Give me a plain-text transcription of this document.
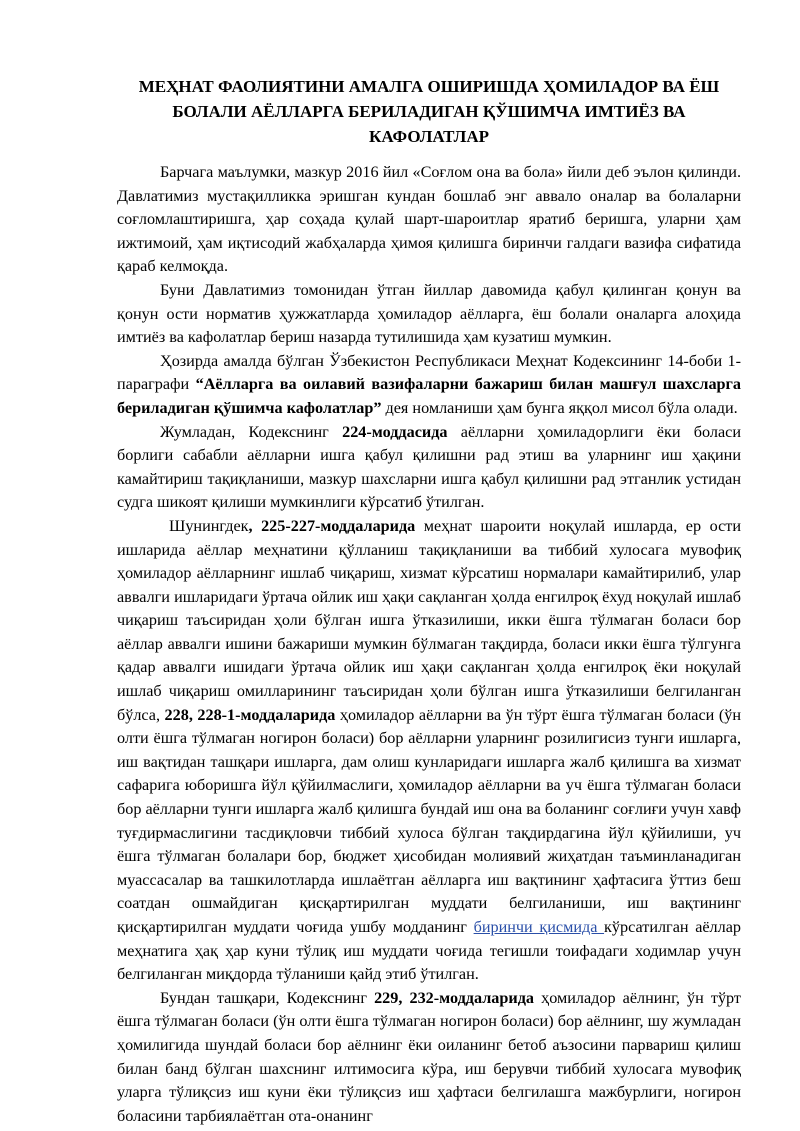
МЕҲНАТ ФАОЛИЯТИНИ АМАЛГА ОШИРИШДА ҲОМИЛАДОР ВА ЁШ
БОЛАЛИ АЁЛЛАРГА БЕРИЛАДИГАН ҚЎШИМЧА ИМТИЁЗ ВА
КАФОЛАТЛАР

Барчага маълумки, мазкур 2016 йил «Соғлом она ва бола» йили деб эълон қилинди. Давлатимиз мустақилликка эришган кундан бошлаб энг аввало оналар ва болаларни соғломлаштиришга, ҳар соҳада қулай шарт-шароитлар яратиб беришга, уларни ҳам ижтимоий, ҳам иқтисодий жабҳаларда ҳимоя қилишга биринчи галдаги вазифа сифатида қараб келмоқда.

Буни Давлатимиз томонидан ўтган йиллар давомида қабул қилинган қонун ва қонун ости норматив ҳужжатларда ҳомиладор аёлларга, ёш болали оналарга алоҳида имтиёз ва кафолатлар бериш назарда тутилишида ҳам кузатиш мумкин.

Ҳозирда амалда бўлган Ўзбекистон Республикаси Меҳнат Кодексининг 14-боби 1-параграфи “Аёлларга ва оилавий вазифаларни бажариш билан машғул шахсларга бериладиган қўшимча кафолатлар” дея номланиши ҳам бунга яққол мисол бўла олади.

Жумладан, Кодекснинг 224-моддасида аёлларни ҳомиладорлиги ёки боласи борлиги сабабли аёлларни ишга қабул қилишни рад этиш ва уларнинг иш ҳақини камайтириш тақиқланиши, мазкур шахсларни ишга қабул қилишни рад этганлик устидан судга шикоят қилиши мумкинлиги кўрсатиб ўтилган.

Шунингдек, 225-227-моддаларида меҳнат шароити ноқулай ишларда, ер ости ишларида аёллар меҳнатини қўлланиш тақиқланиши ва тиббий хулосага мувофиқ ҳомиладор аёлларнинг ишлаб чиқариш, хизмат кўрсатиш нормалари камайтирилиб, улар аввалги ишларидаги ўртача ойлик иш ҳақи сақланган ҳолда енгилроқ ёхуд ноқулай ишлаб чиқариш таъсиридан ҳоли бўлган ишга ўтказилиши, икки ёшга тўлмаган боласи бор аёллар аввалги ишини бажариши мумкин бўлмаган тақдирда, боласи икки ёшга тўлгунга қадар аввалги ишидаги ўртача ойлик иш ҳақи сақланган ҳолда енгилроқ ёки ноқулай ишлаб чиқариш омилларининг таъсиридан ҳоли бўлган ишга ўтказилиши белгиланган бўлса, 228, 228-1-моддаларида ҳомиладор аёлларни ва ўн тўрт ёшга тўлмаган боласи (ўн олти ёшга тўлмаган ногирон боласи) бор аёлларни уларнинг розилигисиз тунги ишларга, иш вақтидан ташқари ишларга, дам олиш кунларидаги ишларга жалб қилишга ва хизмат сафарига юборишга йўл қўйилмаслиги, ҳомиладор аёлларни ва уч ёшга тўлмаган боласи бор аёлларни тунги ишларга жалб қилишга бундай иш она ва боланинг соғлиғи учун хавф туғдирмаслигини тасдиқловчи тиббий хулоса бўлган тақдирдагина йўл қўйилиши, уч ёшга тўлмаган болалари бор, бюджет ҳисобидан молиявий жиҳатдан таъминланадиган муассасалар ва ташкилотларда ишлаётган аёлларга иш вақтининг ҳафтасига ўттиз беш соатдан ошмайдиган қисқартирилган муддати белгиланиши, иш вақтининг қисқартирилган муддати чоғида ушбу модданинг биринчи қисмида кўрсатилган аёллар меҳнатига ҳақ ҳар куни тўлиқ иш муддати чоғида тегишли тоифадаги ходимлар учун белгиланган миқдорда тўланиши қайд этиб ўтилган.

Бундан ташқари, Кодекснинг 229, 232-моддаларида ҳомиладор аёлнинг, ўн тўрт ёшга тўлмаган боласи (ўн олти ёшга тўлмаган ногирон боласи) бор аёлнинг, шу жумладан ҳомилигида шундай боласи бор аёлнинг ёки оиланинг бетоб аъзосини парвариш қилиш билан банд бўлган шахснинг илтимосига кўра, иш берувчи тиббий хулосага мувофиқ уларга тўлиқсиз иш куни ёки тўлиқсиз иш ҳафтаси белгилашга мажбурлиги, ногирон боласини тарбиялаётган ота-онанинг
